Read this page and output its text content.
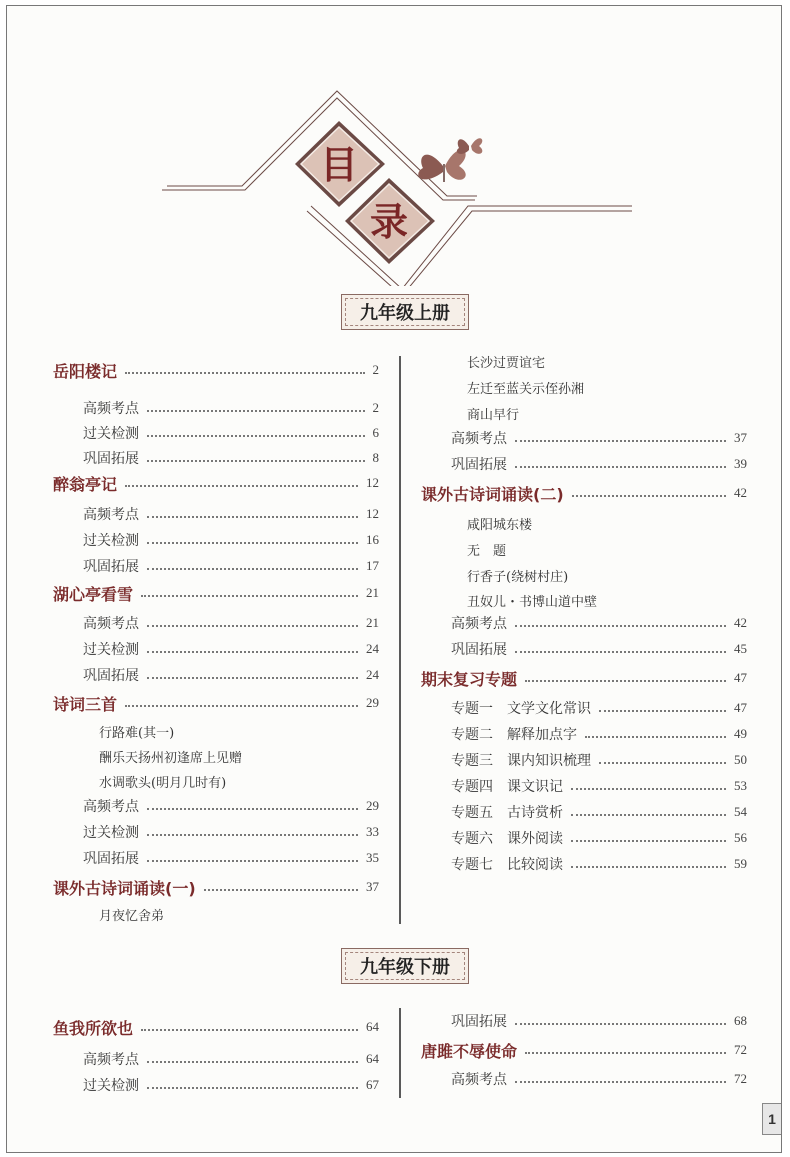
目
录
九年级上册
岳阳楼记	2
高频考点	2
过关检测	6
巩固拓展	8
醉翁亭记	12
高频考点	12
过关检测	16
巩固拓展	17
湖心亭看雪	21
高频考点	21
过关检测	24
巩固拓展	24
诗词三首	29
行路难(其一)
酬乐天扬州初逢席上见赠
水调歌头(明月几时有)
高频考点	29
过关检测	33
巩固拓展	35
课外古诗词诵读(一)	37
月夜忆舍弟
长沙过贾谊宅
左迁至蓝关示侄孙湘
商山早行
高频考点	37
巩固拓展	39
课外古诗词诵读(二)	42
咸阳城东楼
无　题
行香子(绕树村庄)
丑奴儿・书博山道中壁
高频考点	42
巩固拓展	45
期末复习专题	47
专题一　文学文化常识	47
专题二　解释加点字	49
专题三　课内知识梳理	50
专题四　课文识记	53
专题五　古诗赏析	54
专题六　课外阅读	56
专题七　比较阅读	59
九年级下册
鱼我所欲也	64
高频考点	64
过关检测	67
巩固拓展	68
唐雎不辱使命	72
高频考点	72
1
